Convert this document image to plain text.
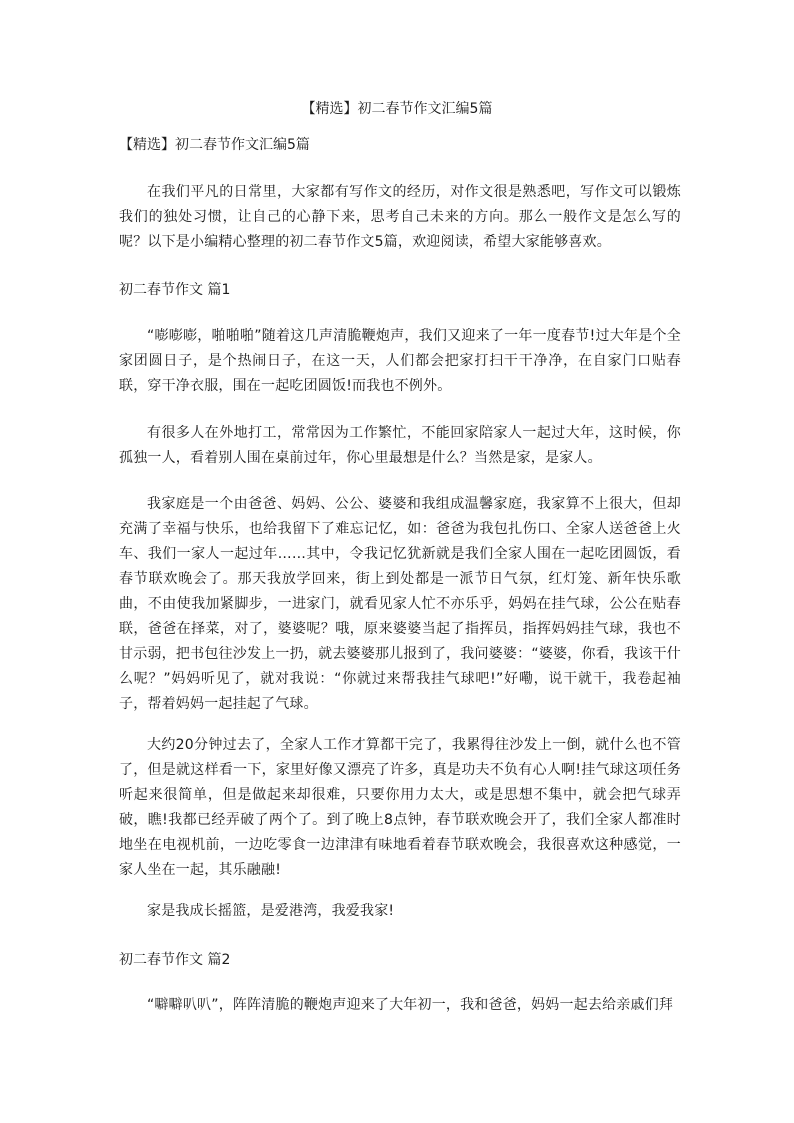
【精选】初二春节作文汇编5篇
【精选】初二春节作文汇编5篇

在我们平凡的日常里，大家都有写作文的经历，对作文很是熟悉吧，写作文可以锻炼我们的独处习惯，让自己的心静下来，思考自己未来的方向。那么一般作文是怎么写的呢？以下是小编精心整理的初二春节作文5篇，欢迎阅读，希望大家能够喜欢。

初二春节作文 篇1

“嘭嘭嘭，啪啪啪”随着这几声清脆鞭炮声，我们又迎来了一年一度春节!过大年是个全家团圆日子，是个热闹日子，在这一天，人们都会把家打扫干干净净，在自家门口贴春联，穿干净衣服，围在一起吃团圆饭!而我也不例外。

有很多人在外地打工，常常因为工作繁忙，不能回家陪家人一起过大年，这时候，你孤独一人，看着别人围在桌前过年，你心里最想是什么？当然是家，是家人。

我家庭是一个由爸爸、妈妈、公公、婆婆和我组成温馨家庭，我家算不上很大，但却充满了幸福与快乐，也给我留下了难忘记忆，如：爸爸为我包扎伤口、全家人送爸爸上火车、我们一家人一起过年……其中，令我记忆犹新就是我们全家人围在一起吃团圆饭，看春节联欢晚会了。那天我放学回来，街上到处都是一派节日气氛，红灯笼、新年快乐歌曲，不由使我加紧脚步，一进家门，就看见家人忙不亦乐乎，妈妈在挂气球，公公在贴春联，爸爸在择菜，对了，婆婆呢？哦，原来婆婆当起了指挥员，指挥妈妈挂气球，我也不甘示弱，把书包往沙发上一扔，就去婆婆那儿报到了，我问婆婆：“婆婆，你看，我该干什么呢？”妈妈听见了，就对我说：“你就过来帮我挂气球吧!”好嘞，说干就干，我卷起袖子，帮着妈妈一起挂起了气球。

大约20分钟过去了，全家人工作才算都干完了，我累得往沙发上一倒，就什么也不管了，但是就这样看一下，家里好像又漂亮了许多，真是功夫不负有心人啊!挂气球这项任务听起来很简单，但是做起来却很难，只要你用力太大，或是思想不集中，就会把气球弄破，瞧!我都已经弄破了两个了。到了晚上8点钟，春节联欢晚会开了，我们全家人都准时地坐在电视机前，一边吃零食一边津津有味地看着春节联欢晚会，我很喜欢这种感觉，一家人坐在一起，其乐融融!

家是我成长摇篮，是爱港湾，我爱我家!

初二春节作文 篇2

“噼噼叭叭”，阵阵清脆的鞭炮声迎来了大年初一，我和爸爸，妈妈一起去给亲戚们拜
